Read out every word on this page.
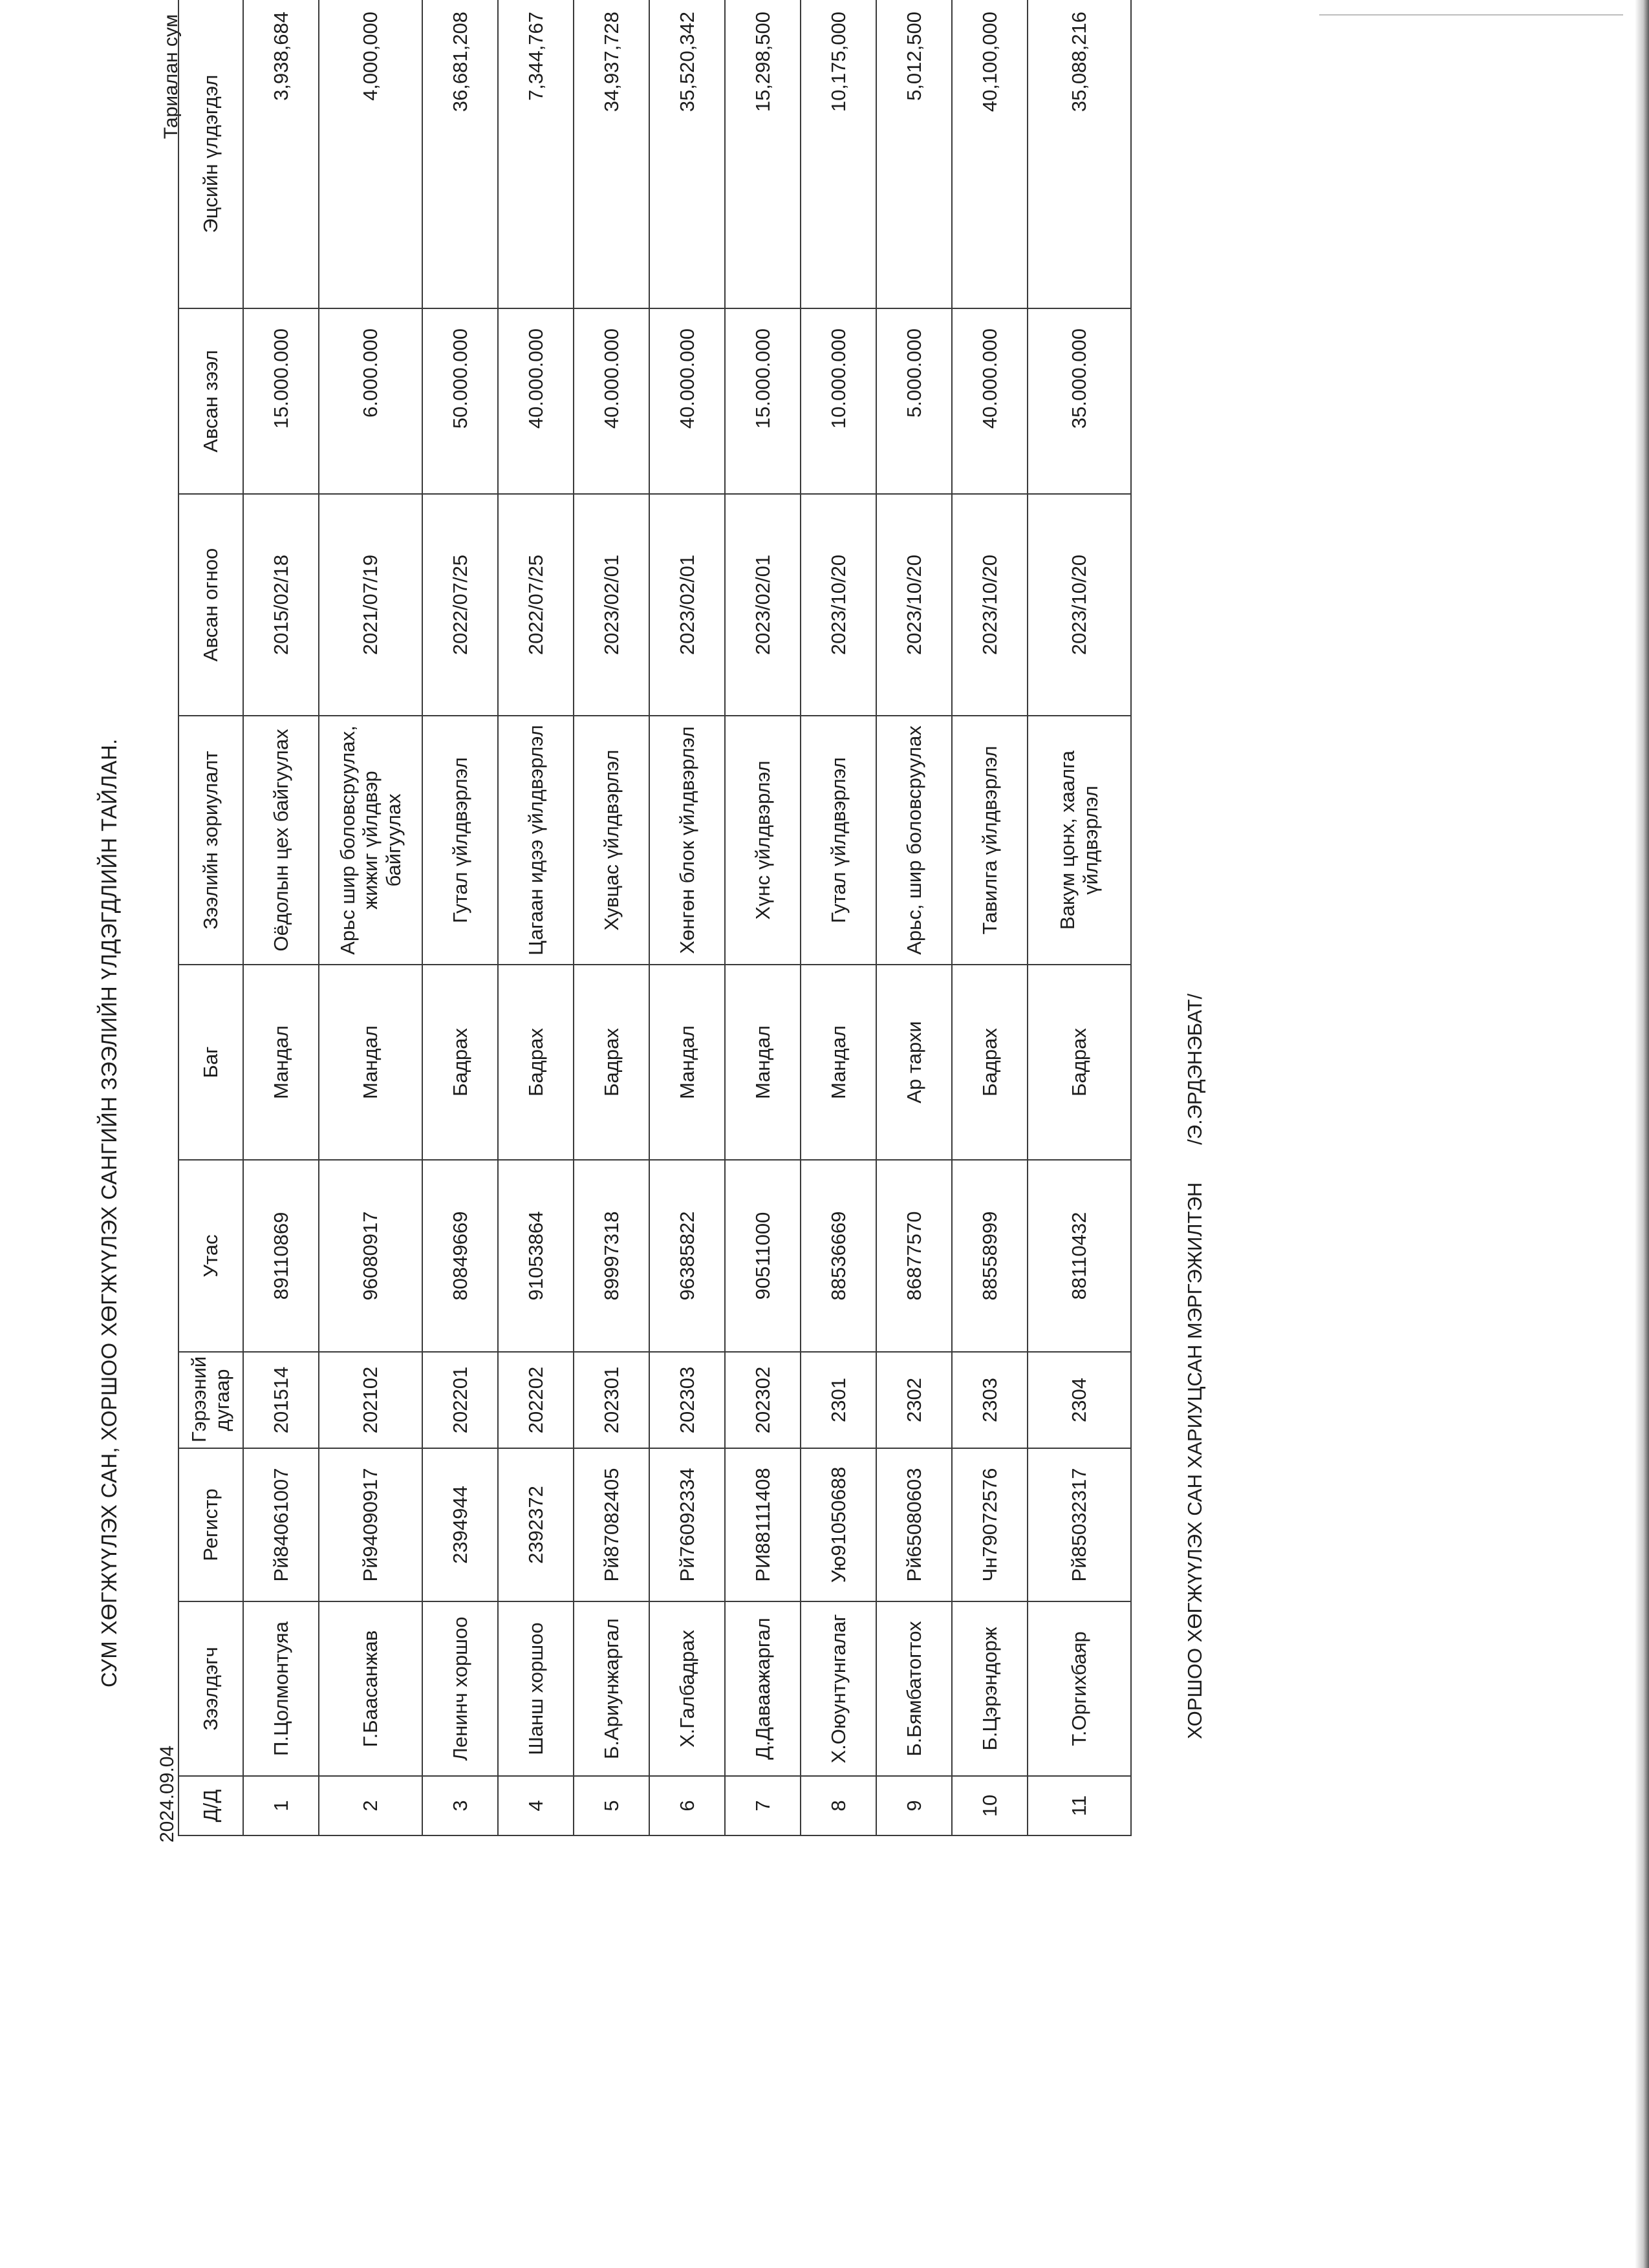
СУМ ХӨГЖҮҮЛЭХ САН, ХОРШОО ХӨГЖҮҮЛЭХ САНГИЙН ЗЭЭЛИЙН ҮЛДЭГДЛИЙН ТАЙЛАН.
2024.09.04
Тариалан сум
Д/Д	Зээлдэгч	Регистр	Гэрээний дугаар	Утас	Баг	Зээлийн зориулалт	Авсан огноо	Авсан зээл	Эцсийн үлдэгдэл
1	П.Цолмонтуяа	Рй84061007	201514	89110869	Мандал	Оёдолын цех байгуулах	2015/02/18	15.000.000	3,938,684
2	Г.Баасанжав	Рй94090917	202102	96080917	Мандал	Арьс шир боловсруулах, жижиг үйлдвэр байгуулах	2021/07/19	6.000.000	4,000,000
3	Ленинч хоршоо	2394944	202201	80849669	Бадрах	Гутал үйлдвэрлэл	2022/07/25	50.000.000	36,681,208
4	Шанш хоршоо	2392372	202202	91053864	Бадрах	Цагаан идээ үйлдвэрлэл	2022/07/25	40.000.000	7,344,767
5	Б.Ариунжаргал	Рй87082405	202301	89997318	Бадрах	Хувцас үйлдвэрлэл	2023/02/01	40.000.000	34,937,728
6	Х.Галбадрах	Рй76092334	202303	96385822	Мандал	Хөнгөн блок үйлдвэрлэл	2023/02/01	40.000.000	35,520,342
7	Д.Даваажаргал	РИ88111408	202302	90511000	Мандал	Хүнс үйлдвэрлэл	2023/02/01	15.000.000	15,298,500
8	Х.Оюунтунгалаг	Ую91050688	2301	88536669	Мандал	Гутал үйлдвэрлэл	2023/10/20	10.000.000	10,175,000
9	Б.Бямбатогтох	Рй65080603	2302	86877570	Ар тархи	Арьс, шир боловсруулах	2023/10/20	5.000.000	5,012,500
10	Б.Цэрэндорж	Чн79072576	2303	88558999	Бадрах	Тавилга үйлдвэрлэл	2023/10/20	40.000.000	40,100,000
11	Т.Оргихбаяр	Рй85032317	2304	88110432	Бадрах	Вакум цонх, хаалга үйлдвэрлэл	2023/10/20	35.000.000	35,088,216
ХОРШОО ХӨГЖҮҮЛЭХ САН ХАРИУЦСАН МЭРГЭЖИЛТЭН/Э.ЭРДЭНЭБАТ/
